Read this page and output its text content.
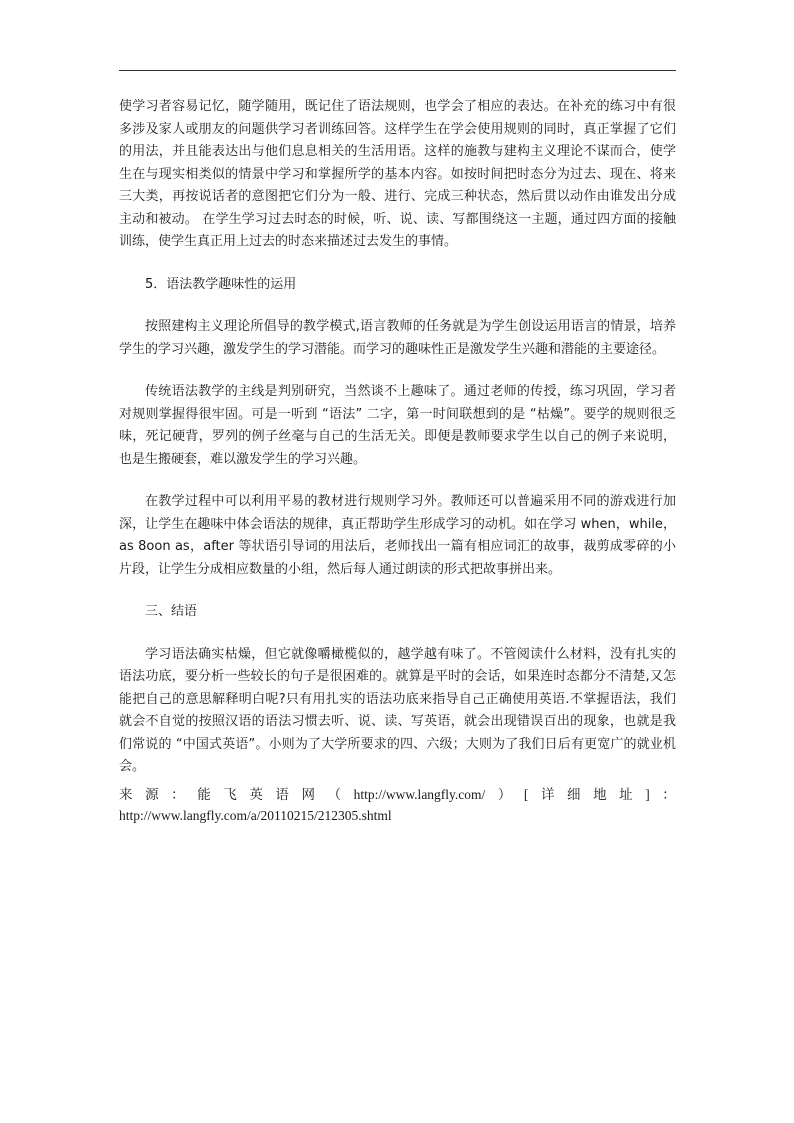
使学习者容易记忆，随学随用，既记住了语法规则，也学会了相应的表达。在补充的练习中有很多涉及家人或朋友的问题供学习者训练回答。这样学生在学会使用规则的同时，真正掌握了它们的用法，并且能表达出与他们息息相关的生活用语。这样的施教与建构主义理论不谋而合，使学生在与现实相类似的情景中学习和掌握所学的基本内容。如按时间把时态分为过去、现在、将来三大类，再按说话者的意图把它们分为一般、进行、完成三种状态，然后贯以动作由谁发出分成主动和被动。 在学生学习过去时态的时候，听、说、读、写都围绕这一主题，通过四方面的接触训练，使学生真正用上过去的时态来描述过去发生的事情。

5．语法教学趣味性的运用

按照建构主义理论所倡导的教学模式,语言教师的任务就是为学生创设运用语言的情景，培养学生的学习兴趣，激发学生的学习潜能。而学习的趣味性正是激发学生兴趣和潜能的主要途径。

传统语法教学的主线是判别研究，当然谈不上趣味了。通过老师的传授，练习巩固，学习者对规则掌握得很牢固。可是一听到 “语法” 二字，第一时间联想到的是 “枯燥”。要学的规则很乏味，死记硬背，罗列的例子丝毫与自己的生活无关。即便是教师要求学生以自己的例子来说明，也是生搬硬套，难以激发学生的学习兴趣。

在教学过程中可以利用平易的教材进行规则学习外。教师还可以普遍采用不同的游戏进行加深，让学生在趣味中体会语法的规律，真正帮助学生形成学习的动机。如在学习 when，while，as 8oon as，after 等状语引导词的用法后，老师找出一篇有相应词汇的故事，裁剪成零碎的小片段，让学生分成相应数量的小组，然后每人通过朗读的形式把故事拼出来。

三、结语

学习语法确实枯燥，但它就像嚼橄榄似的，越学越有味了。不管阅读什么材料，没有扎实的语法功底，要分析一些较长的句子是很困难的。就算是平时的会话，如果连时态都分不清楚,又怎能把自己的意思解释明白呢?只有用扎实的语法功底来指导自己正确使用英语.不掌握语法，我们就会不自觉的按照汉语的语法习惯去听、说、读、写英语，就会出现错误百出的现象，也就是我们常说的 “中国式英语”。小则为了大学所要求的四、六级；大则为了我们日后有更宽广的就业机会。

来 源 ： 能 飞 英 语 网 （ http://www.langfly.com/ ） [ 详 细 地 址 ] ：
http://www.langfly.com/a/20110215/212305.shtml
